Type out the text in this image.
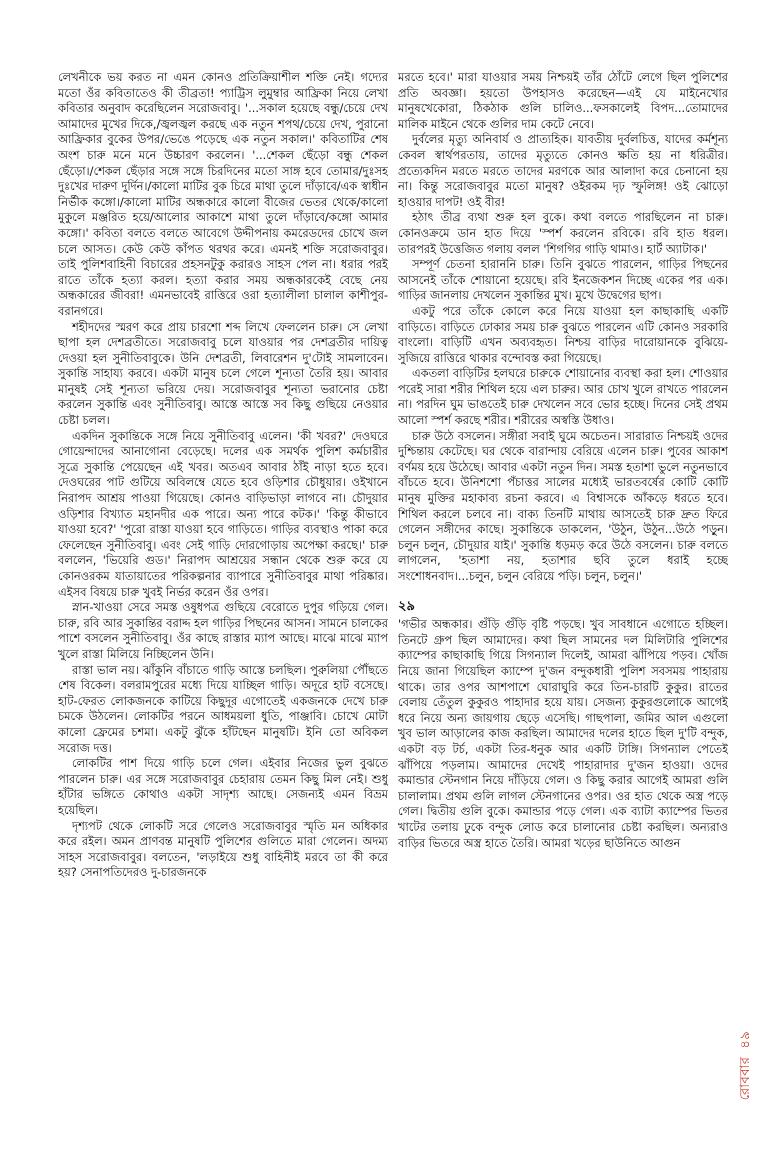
লেখনীকে ভয় করত না এমন কোনও প্রতিক্রিয়াশীল শক্তি নেই। গদ্যের মতো ওঁর কবিতাতেও কী তীব্রতা! প্যাট্রিস লুমুম্বার আফ্রিকা নিয়ে লেখা কবিতার অনুবাদ করেছিলেন সরোজবাবু। '...সকাল হয়েছে বন্ধু/চেয়ে দেখ আমাদের মুখের দিকে,/জ্বলজ্বল করছে এক নতুন শপথ/চেয়ে দেখ, পুরানো আফ্রিকার বুকের উপর/ভেঙে পড়েছে এক নতুন সকাল।' কবিতাটির শেষ অংশ চারু মনে মনে উচ্চারণ করলেন। '...শেকল ছেঁড়ো বন্ধু শেকল ছেঁড়ো।/শেকল ছেঁড়ার সঙ্গে সঙ্গে চিরদিনের মতো সাঙ্গ হবে তোমার/দুঃসহ দুঃখের দারুণ দুর্দিন।/কালো মাটির বুক চিরে মাথা তুলে দাঁড়াবে/এক স্বাধীন নির্ভীক কঙ্গো।/কালো মাটির অন্ধকারে কালো বীজের ভেতর থেকে/কালো মুকুলে মঞ্জরিত হয়ে/আলোর আকাশে মাথা তুলে দাঁড়াবে/কঙ্গো আমার কঙ্গো।' কবিতা বলতে বলতে আবেগে উদ্দীপনায় কমরেডদের চোখে জল চলে আসত। কেউ কেউ কাঁপত থরথর করে। এমনই শক্তি সরোজবাবুর। তাই পুলিশবাহিনী বিচারের প্রহসনটুকু করারও সাহস পেল না। ধরার পরই রাতে তাঁকে হত্যা করল। হত্যা করার সময় অন্ধকারকেই বেছে নেয় অন্ধকারের জীবরা! এমনভাবেই রাত্তিরে ওরা হত্যালীলা চালাল কাশীপুর-বরানগরে।

শহীদদের স্মরণ করে প্রায় চারশো শব্দ লিখে ফেললেন চারু। সে লেখা ছাপা হল দেশব্রতীতে। সরোজবাবু চলে যাওয়ার পর দেশব্রতীর দায়িত্ব দেওয়া হল সুনীতিবাবুকে। উনি দেশব্রতী, লিবারেশন দু'টোই সামলাবেন। সুকান্তি সাহায্য করবে। একটা মানুষ চলে গেলে শূন্যতা তৈরি হয়। আবার মানুষই সেই শূন্যতা ভরিয়ে দেয়। সরোজবাবুর শূন্যতা ভরানোর চেষ্টা করলেন সুকান্তি এবং সুনীতিবাবু। আস্তে আস্তে সব কিছু গুছিয়ে নেওয়ার চেষ্টা চলল।

একদিন সুকান্তিকে সঙ্গে নিয়ে সুনীতিবাবু এলেন। 'কী খবর?' দেওঘরে গোয়েন্দাদের আনাগোনা বেড়েছে। দলের এক সমর্থক পুলিশ কর্মচারীর সূত্রে সুকান্তি পেয়েছেন এই খবর। অতএব আবার ঠাঁই নাড়া হতে হবে। দেওঘরের পাট গুটিয়ে অবিলম্বে যেতে হবে ওড়িশার চৌধুয়ার। ওইখানে নিরাপদ আশ্রয় পাওয়া গিয়েছে। কোনও বাড়িভাড়া লাগবে না। চৌদুয়ার ওড়িশার বিখ্যাত মহানদীর এক পারে। অন্য পারে কটক।' 'কিন্তু কীভাবে যাওয়া হবে?' 'পুরো রাস্তা যাওয়া হবে গাড়িতে। গাড়ির ব্যবস্থাও পাকা করে ফেলেছেন সুনীতিবাবু। এবং সেই গাড়ি দোরগোড়ায় অপেক্ষা করছে।' চারু বললেন, 'ভিয়েরি গুড।' নিরাপদ আশ্রয়ের সন্ধান থেকে শুরু করে যে কোনওরকম যাতায়াতের পরিকল্পনার ব্যাপারে সুনীতিবাবুর মাথা পরিষ্কার। এইসব বিষয়ে চারু খুবই নির্ভর করেন ওঁর ওপর।

স্নান-খাওয়া সেরে সমস্ত ওষুধপত্র গুছিয়ে বেরোতে দুপুর গড়িয়ে গেল। চারু, রবি আর সুকান্তির বরাদ্দ হল গাড়ির পিছনের আসন। সামনে চালকের পাশে বসলেন সুনীতিবাবু। ওঁর কাছে রাস্তার ম্যাপ আছে। মাঝে মাঝে ম্যাপ খুলে রাস্তা মিলিয়ে নিচ্ছিলেন উনি।

রাস্তা ভাল নয়। ঝাঁকুনি বাঁচাতে গাড়ি আস্তে চলছিল। পুরুলিয়া পৌঁছতে শেষ বিকেল। বলরামপুরের মধ্যে দিয়ে যাচ্ছিল গাড়ি। অদূরে হাট বসেছে। হাট-ফেরত লোকজনকে কাটিয়ে কিছুদূর এগোতেই একজনকে দেখে চারু চমকে উঠলেন। লোকটির পরনে আধময়লা ধুতি, পাঞ্জাবি। চোখে মোটা কালো ফ্রেমের চশমা। একটু ঝুঁকে হাঁটছেন মানুষটি। ইনি তো অবিকল সরোজ দত্ত।

লোকটির পাশ দিয়ে গাড়ি চলে গেল। এইবার নিজের ভুল বুঝতে পারলেন চারু। এর সঙ্গে সরোজবাবুর চেহারায় তেমন কিছু মিল নেই। শুধু হাঁটার ভঙ্গিতে কোথাও একটা সাদৃশ্য আছে। সেজন্যই এমন বিভ্রম হয়েছিল।

দৃশ্যপট থেকে লোকটি সরে গেলেও সরোজবাবুর স্মৃতি মন অধিকার করে রইল। অমন প্রাণবন্ত মানুষটি পুলিশের গুলিতে মারা গেলেন। অদম্য সাহস সরোজবাবুর। বলতেন, 'লড়াইয়ে শুধু বাহিনীই মরবে তা কী করে হয়? সেনাপতিদেরও দু-চারজনকে

মরতে হবে।' মারা যাওয়ার সময় নিশ্চয়ই তাঁর ঠোঁটে লেগে ছিল পুলিশের প্রতি অবজ্ঞা। হয়তো উপহাসও করেছেন—এই যে মাইনেখোর মানুষখেকোরা, ঠিকঠাক গুলি চালিও...ফসকালেই বিপদ...তোমাদের মালিক মাইনে থেকে গুলির দাম কেটে নেবে।

দুর্বলের মৃত্যু অনিবার্য ও প্রাত্যহিক। যাবতীয় দুর্বলচিত্ত, যাদের কর্মশূন্য কেবল স্বার্থপরতায়, তাদের মৃত্যুতে কোনও ক্ষতি হয় না ধরিত্রীর। প্রত্যেকদিন মরতে মরতে তাদের মরণকে আর আলাদা করে চেনানো হয় না। কিন্তু সরোজবাবুর মতো মানুষ? ওইরকম দৃঢ় স্ফুলিঙ্গ! ওই ঝোড়ো হাওয়ার দাপট! ওই বীর!

হঠাৎ তীব্র ব্যথা শুরু হল বুকে। কথা বলতে পারছিলেন না চারু। কোনওক্রমে ডান হাত দিয়ে 'স্পর্শ করলেন রবিকে। রবি হাত ধরল। তারপরই উত্তেজিত গলায় বলল 'শিগগির গাড়ি থামাও। হার্ট অ্যাটাক।'

সম্পূর্ণ চেতনা হারাননি চারু। তিনি বুঝতে পারলেন, গাড়ির পিছনের আসনেই তাঁকে শোয়ানো হয়েছে। রবি ইনজেকশন দিচ্ছে একের পর এক। গাড়ির জানলায় দেখলেন সুকান্তির মুখ। মুখে উদ্বেগের ছাপ।

একটু পরে তাঁকে কোলে করে নিয়ে যাওয়া হল কাছাকাছি একটি বাড়িতে। বাড়িতে ঢোকার সময় চারু বুঝতে পারলেন এটি কোনও সরকারি বাংলো। বাড়িটি এখন অব্যবহৃত। নিশ্চয় বাড়ির দারোয়ানকে বুঝিয়ে-সুজিয়ে রাত্তিরে থাকার বন্দোবস্ত করা গিয়েছে।

একতলা বাড়িটির হলঘরে চারুকে শোয়ানোর ব্যবস্থা করা হল। শোওয়ার পরেই সারা শরীর শিথিল হয়ে এল চারুর। আর চোখ খুলে রাখতে পারলেন না। পরদিন ঘুম ভাঙতেই চারু দেখলেন সবে ভোর হচ্ছে। দিনের সেই প্রথম আলো স্পর্শ করছে শরীর। শরীরের অস্বস্তি উধাও।

চারু উঠে বসলেন। সঙ্গীরা সবাই ঘুমে অচেতন। সারারাত নিশ্চয়ই ওদের দুশ্চিন্তায় কেটেছে। ঘর থেকে বারান্দায় বেরিয়ে এলেন চারু। পুবের আকাশ বর্ণময় হয়ে উঠেছে। আবার একটা নতুন দিন। সমস্ত হতাশা ভুলে নতুনভাবে বাঁচতে হবে। উনিশশো পঁচাত্তর সালের মধ্যেই ভারতবর্ষের কোটি কোটি মানুষ মুক্তির মহাকাব্য রচনা করবে। এ বিশ্বাসকে আঁকড়ে ধরতে হবে। শিথিল করলে চলবে না। বাক্য তিনটি মাথায় আসতেই চারু দ্রুত ফিরে গেলেন সঙ্গীদের কাছে। সুকান্তিকে ডাকলেন, 'উঠুন, উঠুন...উঠে পড়ুন। চলুন চলুন, চৌদুয়ার যাই।' সুকান্তি ধড়মড় করে উঠে বসলেন। চারু বলতে লাগলেন, 'হতাশা নয়, হতাশার ছবি তুলে ধরাই হচ্ছে সংশোধনবাদ।...চলুন, চলুন বেরিয়ে পড়ি। চলুন, চলুন।'

২৯

'গভীর অন্ধকার। গুঁড়ি গুঁড়ি বৃষ্টি পড়ছে। খুব সাবধানে এগোতে হচ্ছিল। তিনটে গ্রুপ ছিল আমাদের। কথা ছিল সামনের দল মিলিটারি পুলিশের ক্যাম্পের কাছাকাছি গিয়ে সিগন্যাল দিলেই, আমরা ঝাঁপিয়ে পড়ব। খোঁজ নিয়ে জানা গিয়েছিল ক্যাম্পে দু'জন বন্দুকধারী পুলিশ সবসময় পাহারায় থাকে। তার ওপর আশপাশে ঘোরাঘুরি করে তিন-চারটি কুকুর। রাতের বেলায় তেঁতুল কুকুরও পাহাদার হয়ে যায়। সেজন্য কুকুরগুলোকে আগেই ধরে নিয়ে অন্য জায়গায় ছেড়ে এসেছি। গাছপালা, জমির আল এগুলো খুব ভাল আড়ালের কাজ করছিল। আমাদের দলের হাতে ছিল দু'টি বন্দুক, একটা বড় টর্চ, একটা তির-ধনুক আর একটি টাঙ্গি। সিগন্যাল পেতেই ঝাঁপিয়ে পড়লাম। আমাদের দেখেই পাহারাদার দু'জন হাওয়া। ওদের কমান্ডার স্টেনগান নিয়ে দাঁড়িয়ে গেল। ও কিছু করার আগেই আমরা গুলি চালালাম। প্রথম গুলি লাগল স্টেনগানের ওপর। ওর হাত থেকে অস্ত্র পড়ে গেল। দ্বিতীয় গুলি বুকে। কমান্ডার পড়ে গেল। এক ব্যাটা ক্যাম্পের ভিতর খাটের তলায় ঢুকে বন্দুক লোড করে চালানোর চেষ্টা করছিল। অন্যরাও বাড়ির ভিতরে অস্ত্র হাতে তৈরি। আমরা খড়ের ছাউনিতে আগুন

রোববার৪৯
